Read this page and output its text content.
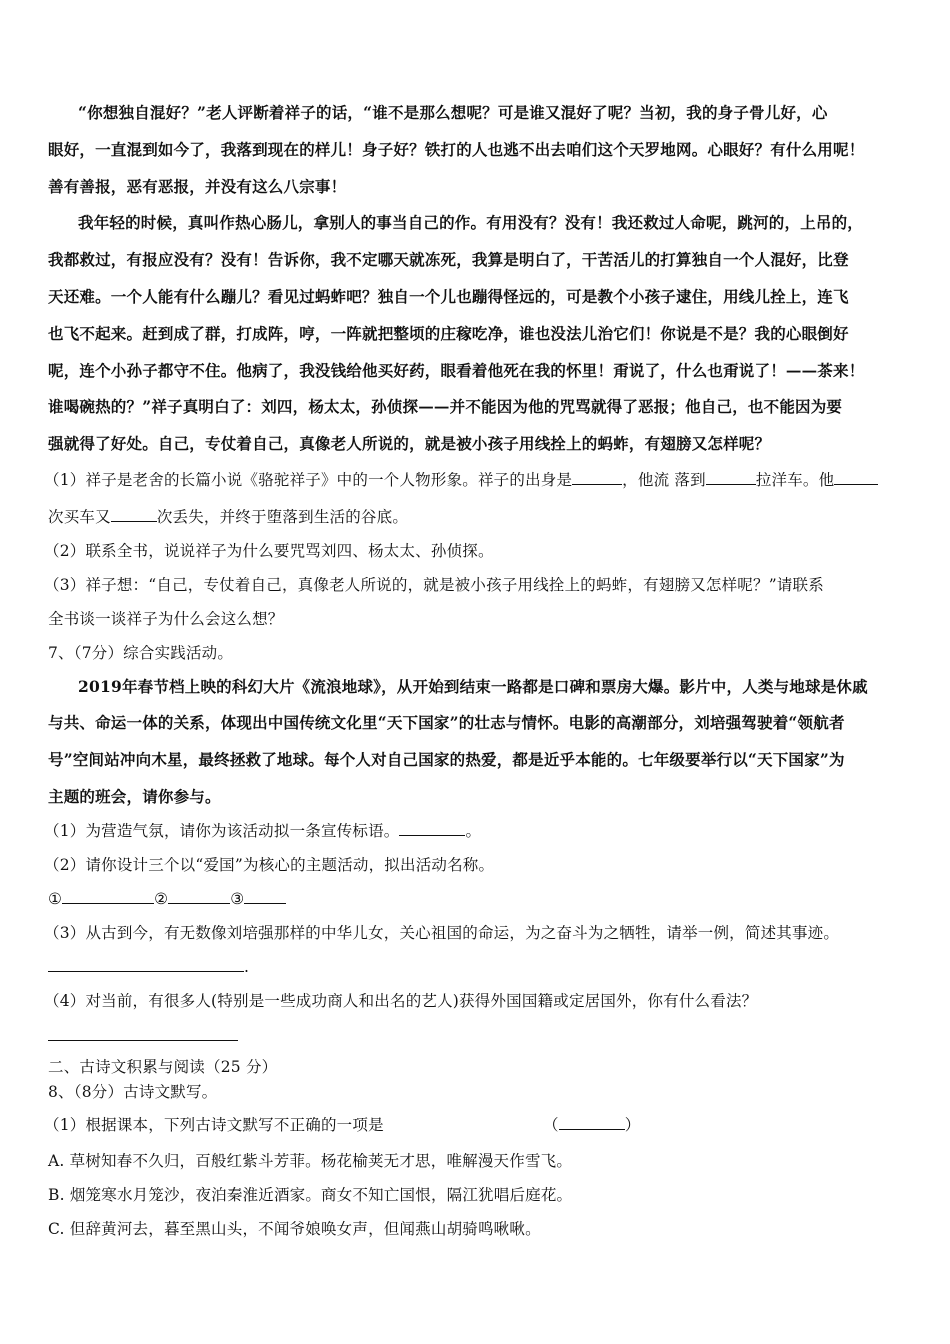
“你想独自混好？”老人评断着祥子的话，“谁不是那么想呢？可是谁又混好了呢？当初，我的身子骨儿好，心
眼好，一直混到如今了，我落到现在的样儿！身子好？铁打的人也逃不出去咱们这个天罗地网。心眼好？有什么用呢！
善有善报，恶有恶报，并没有这么八宗事！
我年轻的时候，真叫作热心肠儿，拿别人的事当自己的作。有用没有？没有！我还救过人命呢，跳河的，上吊的，
我都救过，有报应没有？没有！告诉你，我不定哪天就冻死，我算是明白了，干苦活儿的打算独自一个人混好，比登
天还难。一个人能有什么蹦儿？看见过蚂蚱吧？独自一个儿也蹦得怪远的，可是教个小孩子逮住，用线儿拴上，连飞
也飞不起来。赶到成了群，打成阵，哼，一阵就把整顷的庄稼吃净，谁也没法儿治它们！你说是不是？我的心眼倒好
呢，连个小孙子都守不住。他病了，我没钱给他买好药，眼看着他死在我的怀里！甭说了，什么也甭说了！——茶来！
谁喝碗热的？”祥子真明白了：刘四，杨太太，孙侦探——并不能因为他的咒骂就得了恶报；他自己，也不能因为要
强就得了好处。自己，专仗着自己，真像老人所说的，就是被小孩子用线拴上的蚂蚱，有翅膀又怎样呢？
（1）祥子是老舍的长篇小说《骆驼祥子》中的一个人物形象。祥子的出身是	，他流 落到	拉洋车。他
次买车又	次丢失，并终于堕落到生活的谷底。
（2）联系全书，说说祥子为什么要咒骂刘四、杨太太、孙侦探。
（3）祥子想：“自己，专仗着自己，真像老人所说的，就是被小孩子用线拴上的蚂蚱，有翅膀又怎样呢？”请联系
全书谈一谈祥子为什么会这么想？
7、（7分）综合实践活动。
2019年春节档上映的科幻大片《流浪地球》，从开始到结束一路都是口碑和票房大爆。影片中，人类与地球是休戚
与共、命运一体的关系，体现出中国传统文化里“天下国家”的壮志与情怀。电影的高潮部分，刘培强驾驶着“领航者
号”空间站冲向木星，最终拯救了地球。每个人对自己国家的热爱，都是近乎本能的。七年级要举行以“天下国家”为
主题的班会，请你参与。
（1）为营造气氛，请你为该活动拟一条宣传标语。	。
（2）请你设计三个以“爱国”为核心的主题活动，拟出活动名称。
①	②	③
（3）从古到今，有无数像刘培强那样的中华儿女，关心祖国的命运，为之奋斗为之牺牲，请举一例，简述其事迹。
.
（4）对当前，有很多人(特别是一些成功商人和出名的艺人)获得外国国籍或定居国外，你有什么看法？
二、古诗文积累与阅读（25 分）
8、（8分）古诗文默写。
（1）根据课本，下列古诗文默写不正确的一项是	（	）
A. 草树知春不久归，百般红紫斗芳菲。杨花榆荚无才思，唯解漫天作雪飞。
B. 烟笼寒水月笼沙，夜泊秦淮近酒家。商女不知亡国恨，隔江犹唱后庭花。
C. 但辞黄河去，暮至黑山头，不闻爷娘唤女声，但闻燕山胡骑鸣啾啾。
